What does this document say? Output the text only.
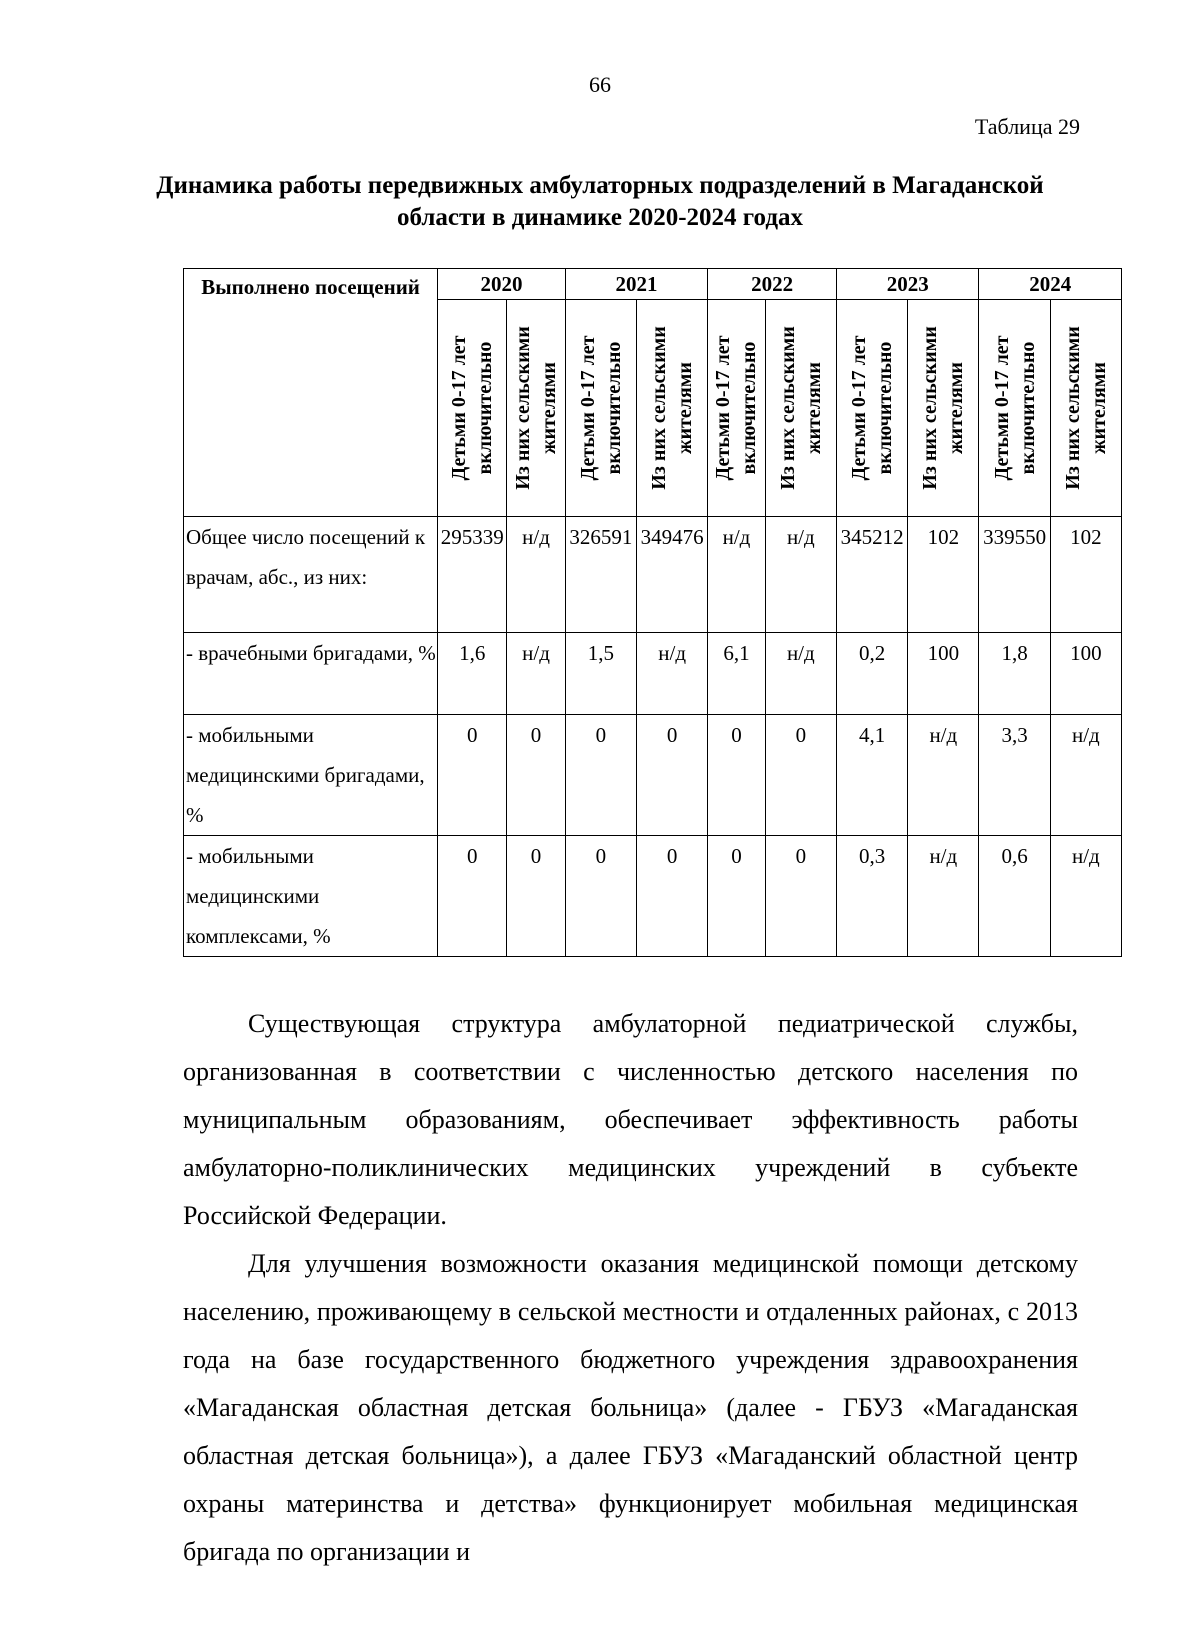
66
Таблица 29
Динамика работы передвижных амбулаторных подразделений в Магаданской области в динамике 2020-2024 годах
Выполнено посещений	2020		2021		2022		2023		2024	

	Детьми 0-17 лет включительно	Из них сельскими жителями	Детьми 0-17 лет включительно	Из них сельскими жителями	Детьми 0-17 лет включительно	Из них сельскими жителями	Детьми 0-17 лет включительно	Из них сельскими жителями	Детьми 0-17 лет включительно	Из них сельскими жителями

Общее число посещений к врачам, абс., из них:	295339	н/д	326591	349476	н/д	н/д	345212	102	339550	102
- врачебными бригадами, %	1,6	н/д	1,5	н/д	6,1	н/д	0,2	100	1,8	100
- мобильными медицинскими бригадами, %	0	0	0	0	0	0	4,1	н/д	3,3	н/д
- мобильными медицинскими комплексами, %	0	0	0	0	0	0	0,3	н/д	0,6	н/д

Существующая структура амбулаторной педиатрической службы, организованная в соответствии с численностью детского населения по муниципальным образованиям, обеспечивает эффективность работы амбулаторно-поликлинических медицинских учреждений в субъекте Российской Федерации.

Для улучшения возможности оказания медицинской помощи детскому населению, проживающему в сельской местности и отдаленных районах, с 2013 года на базе государственного бюджетного учреждения здравоохранения «Магаданская областная детская больница» (далее - ГБУЗ «Магаданская областная детская больница»), а далее ГБУЗ «Магаданский областной центр охраны материнства и детства» функционирует мобильная медицинская бригада по организации и
